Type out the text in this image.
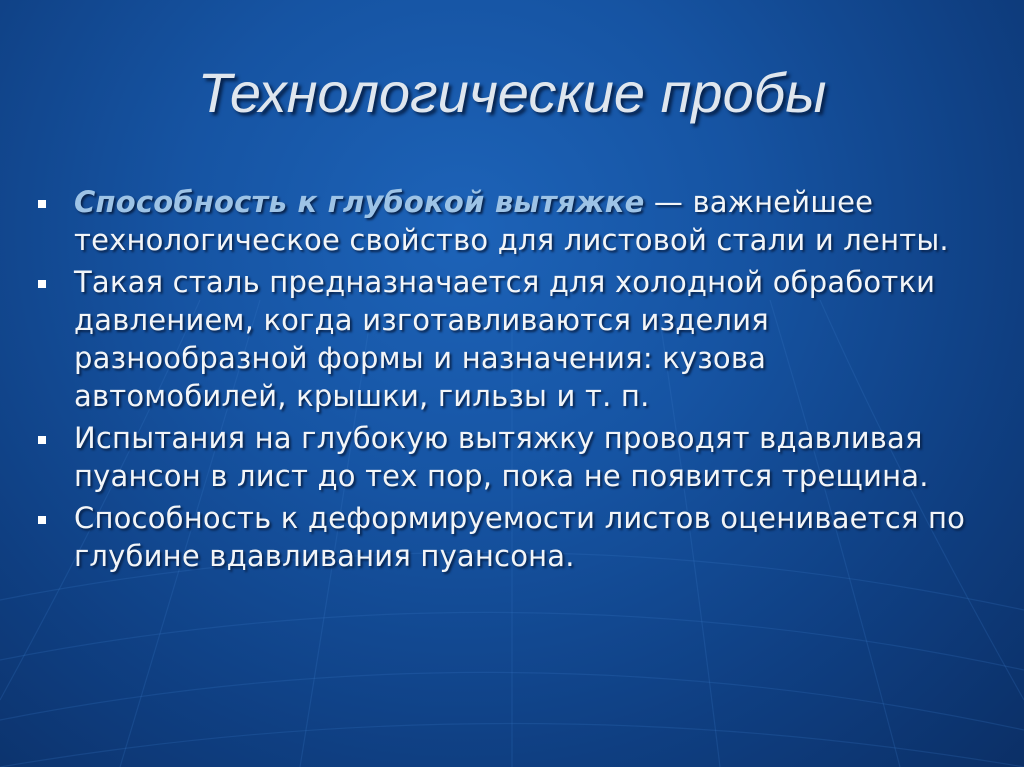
Технологические пробы
Способность к глубокой вытяжке — важнейшее технологическое свойство для листовой стали и ленты.
Такая сталь предназначается для холодной обработки давлением, когда изготавливаются изделия разнообразной формы и назначения: кузова автомобилей, крышки, гильзы и т. п.
Испытания на глубокую вытяжку проводят вдавливая пуансон в лист до тех пор, пока не появится трещина.
Способность к деформируемости листов оценивается по глубине вдавливания пуансона.
